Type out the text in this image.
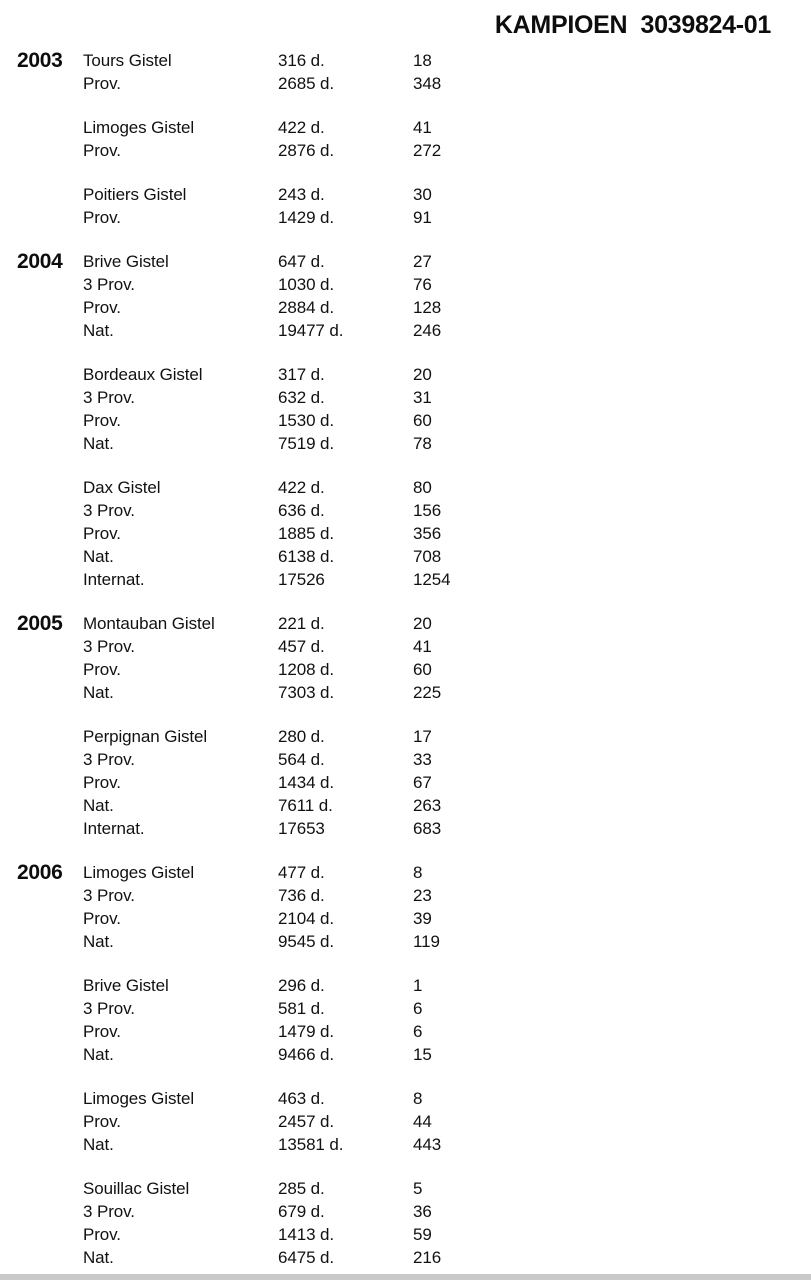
KAMPIOEN  3039824-01
2003	Tours Gistel	316 d.	18
Prov.	2685 d.	348
Limoges Gistel	422 d.	41
Prov.	2876 d.	272
Poitiers Gistel	243 d.	30
Prov.	1429 d.	91
2004	Brive Gistel	647 d.	27
3 Prov.	1030 d.	76
Prov.	2884 d.	128
Nat.	19477 d.	246
Bordeaux Gistel	317 d.	20
3 Prov.	632 d.	31
Prov.	1530 d.	60
Nat.	7519 d.	78
Dax Gistel	422 d.	80
3 Prov.	636 d.	156
Prov.	1885 d.	356
Nat.	6138 d.	708
Internat.	17526	1254
2005	Montauban Gistel	221 d.	20
3 Prov.	457 d.	41
Prov.	1208 d.	60
Nat.	7303 d.	225
Perpignan Gistel	280 d.	17
3 Prov.	564 d.	33
Prov.	1434 d.	67
Nat.	7611 d.	263
Internat.	17653	683
2006	Limoges Gistel	477 d.	8
3 Prov.	736 d.	23
Prov.	2104 d.	39
Nat.	9545 d.	119
Brive Gistel	296 d.	1
3 Prov.	581 d.	6
Prov.	1479 d.	6
Nat.	9466 d.	15
Limoges Gistel	463 d.	8
Prov.	2457 d.	44
Nat.	13581 d.	443
Souillac Gistel	285 d.	5
3 Prov.	679 d.	36
Prov.	1413 d.	59
Nat.	6475 d.	216
